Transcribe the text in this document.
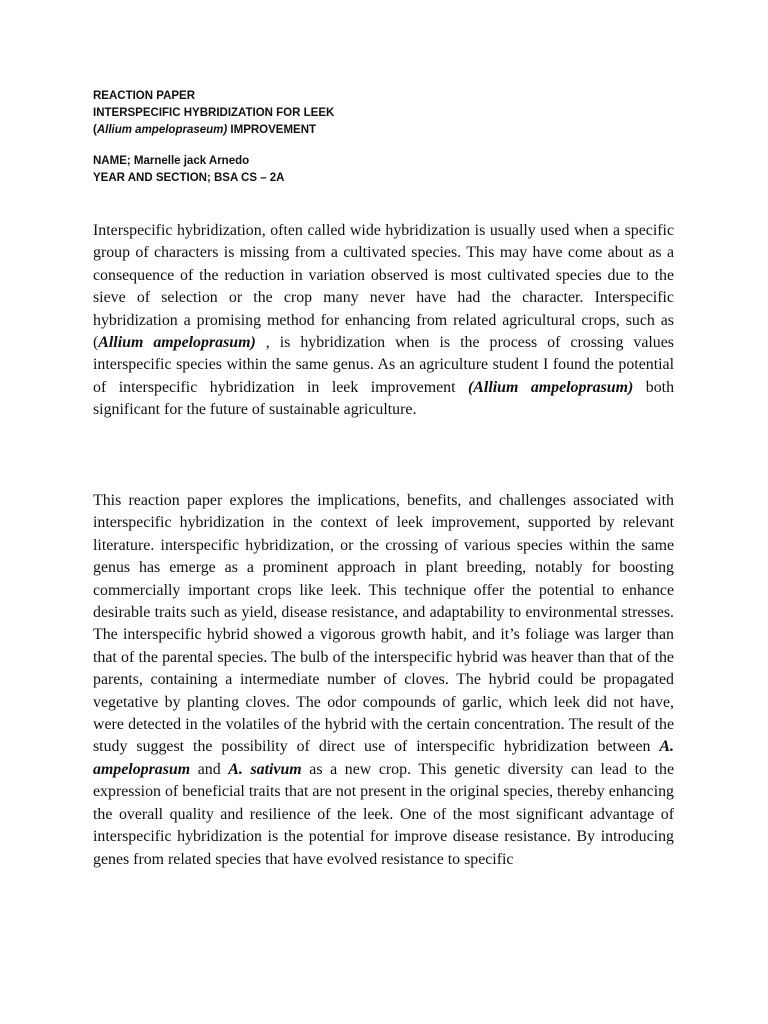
REACTION PAPER
INTERSPECIFIC HYBRIDIZATION FOR LEEK
(Allium ampelopraseum) IMPROVEMENT
NAME; Marnelle jack Arnedo
YEAR AND SECTION; BSA CS – 2A

Interspecific hybridization, often called wide hybridization is usually used when a specific group of characters is missing from a cultivated species. This may have come about as a consequence of the reduction in variation observed is most cultivated species due to the sieve of selection or the crop many never have had the character. Interspecific hybridization a promising method for enhancing from related agricultural crops, such as (Allium ampeloprasum) , is hybridization when is the process of crossing values interspecific species within the same genus. As an agriculture student I found the potential of interspecific hybridization in leek improvement (Allium ampeloprasum) both significant for the future of sustainable agriculture.

This reaction paper explores the implications, benefits, and challenges associated with interspecific hybridization in the context of leek improvement, supported by relevant literature. interspecific hybridization, or the crossing of various species within the same genus has emerge as a prominent approach in plant breeding, notably for boosting commercially important crops like leek. This technique offer the potential to enhance desirable traits such as yield, disease resistance, and adaptability to environmental stresses. The interspecific hybrid showed a vigorous growth habit, and it’s foliage was larger than that of the parental species. The bulb of the interspecific hybrid was heaver than that of the parents, containing a intermediate number of cloves. The hybrid could be propagated vegetative by planting cloves. The odor compounds of garlic, which leek did not have, were detected in the volatiles of the hybrid with the certain concentration. The result of the study suggest the possibility of direct use of interspecific hybridization between A. ampeloprasum and A. sativum as a new crop. This genetic diversity can lead to the expression of beneficial traits that are not present in the original species, thereby enhancing the overall quality and resilience of the leek. One of the most significant advantage of interspecific hybridization is the potential for improve disease resistance. By introducing genes from related species that have evolved resistance to specific
